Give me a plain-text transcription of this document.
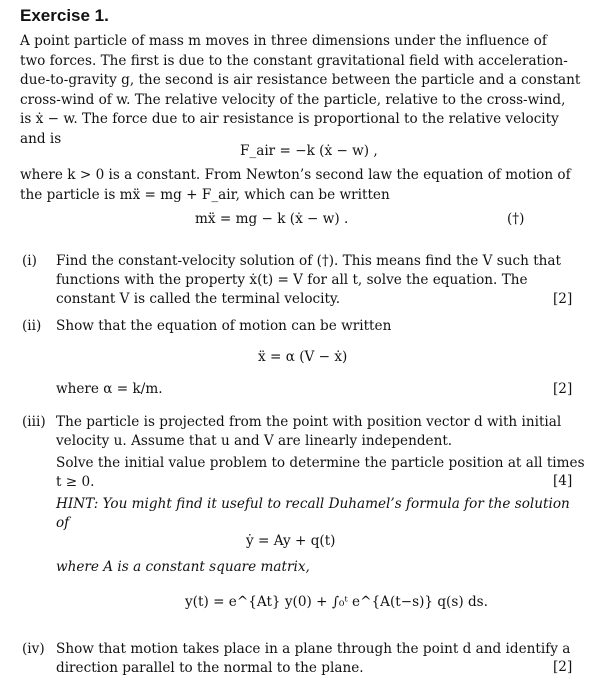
Exercise 1.
A point particle of mass m moves in three dimensions under the influence of
two forces. The first is due to the constant gravitational field with acceleration-
due-to-gravity g, the second is air resistance between the particle and a constant
cross-wind of w. The relative velocity of the particle, relative to the cross-wind,
is ẋ − w. The force due to air resistance is proportional to the relative velocity
and is
F_air = −k (ẋ − w) ,
where k > 0 is a constant. From Newton’s second law the equation of motion of
the particle is mẍ = mg + F_air, which can be written
mẍ = mg − k (ẋ − w) .	(†)
(i) Find the constant-velocity solution of (†). This means find the V such that
functions with the property ẋ(t) = V for all t, solve the equation. The
constant V is called the terminal velocity.	[2]
(ii) Show that the equation of motion can be written
ẍ = α (V − ẋ)
where α = k/m.	[2]
(iii) The particle is projected from the point with position vector d with initial
velocity u. Assume that u and V are linearly independent.
Solve the initial value problem to determine the particle position at all times
t ≥ 0.	[4]
HINT: You might find it useful to recall Duhamel’s formula for the solution
of
ẏ = Ay + q(t)
where A is a constant square matrix,
y(t) = e^{At} y(0) + ∫₀ᵗ e^{A(t−s)} q(s) ds.
(iv) Show that motion takes place in a plane through the point d and identify a
direction parallel to the normal to the plane.	[2]
